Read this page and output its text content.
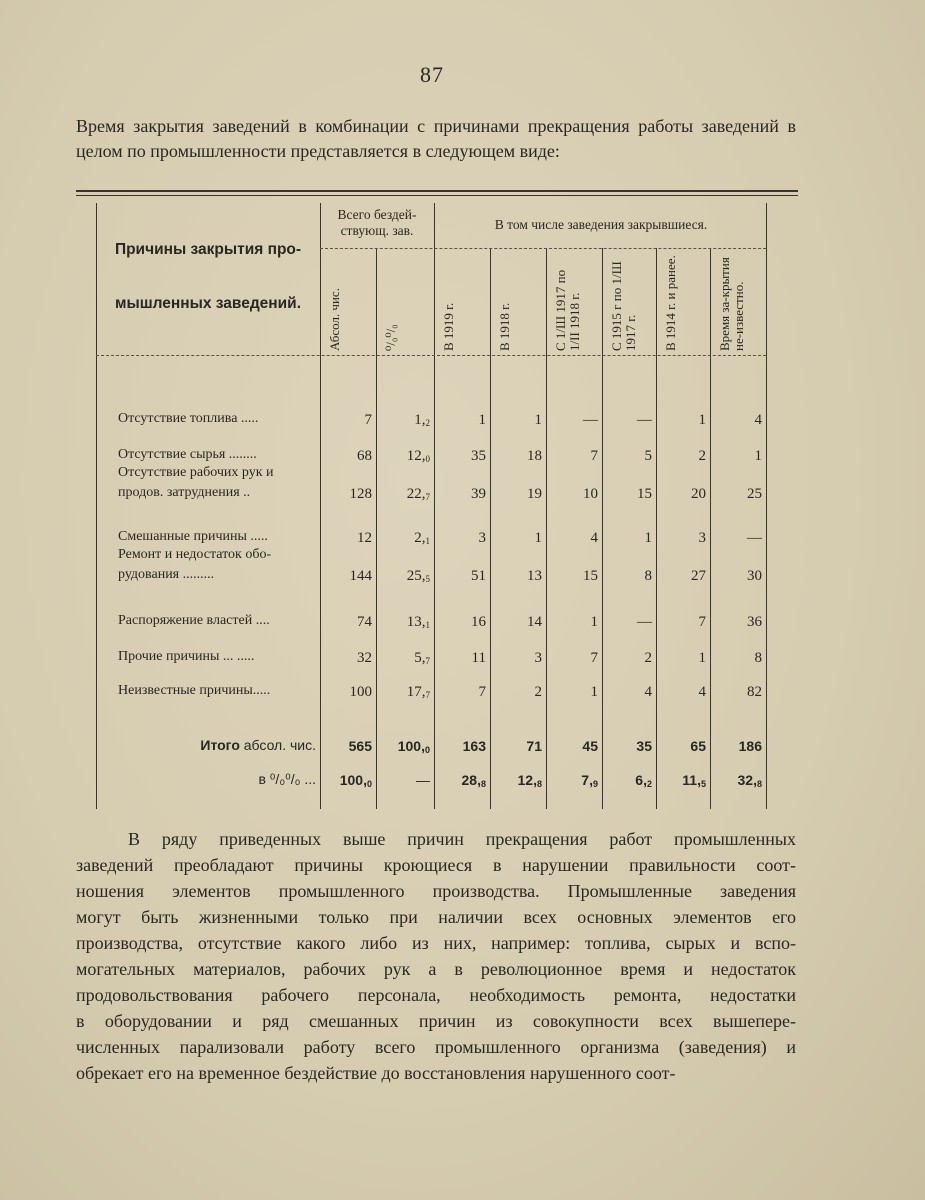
87
Время закрытия заведений в комбинации с причинами прекращения работы заведений в целом по промышленности представляется в следующем виде:
Причины закрытия про-
мышленных заведений.
Всего бездей-ствующ. зав.	В том числе заведения закрывшиеся.
Абсол. чис.	⁰/₀⁰/₀	В 1919 г.	В 1918 г.	С 1/Ш 1917 по 1/II 1918 г.	С 1915 г по 1/Ш 1917 г.	В 1914 г. и ранее.	Время за-крытия не-известно.
Отсутствие топлива .....	7	$1,_2$	1	1	—	—	1	4
Отсутствие сырья ........	68	$12,_0$	35	18	7	5	2	1
Отсутствие рабочих рук и
продов. затруднения ..	128	$22,_7$	39	19	10	15	20	25
Смешанные причины .....	12	$2,_1$	3	1	4	1	3	—
Ремонт и недостаток обо-
рудования .........	144	$25,_5$	51	13	15	8	27	30
Распоряжение властей ....	74	$13,_1$	16	14	1	—	7	36
Прочие причины ... .....	32	$5,_7$	11	3	7	2	1	8
Неизвестные причины.....	100	$17,_7$	7	2	1	4	4	82
Итого абсол. чис.	565	$100,_0$	163	71	45	35	65	186
в ⁰/₀⁰/₀ ...	$100,_0$	—	$28,_8$	$12,_8$	$7,_9$	$6,_2$	$11,_5$	$32,_8$
В ряду приведенных выше причин прекращения работ промышленных
заведений преобладают причины кроющиеся в нарушении правильности соот-
ношения элементов промышленного производства. Промышленные заведения
могут быть жизненными только при наличии всех основных элементов его
производства, отсутствие какого либо из них, например: топлива, сырых и вспо-
могательных материалов, рабочих рук а в революционное время и недостаток
продовольствования рабочего персонала, необходимость ремонта, недостатки
в оборудовании и ряд смешанных причин из совокупности всех вышепере-
численных парализовали работу всего промышленного организма (заведения) и
обрекает его на временное бездействие до восстановления нарушенного соот-
